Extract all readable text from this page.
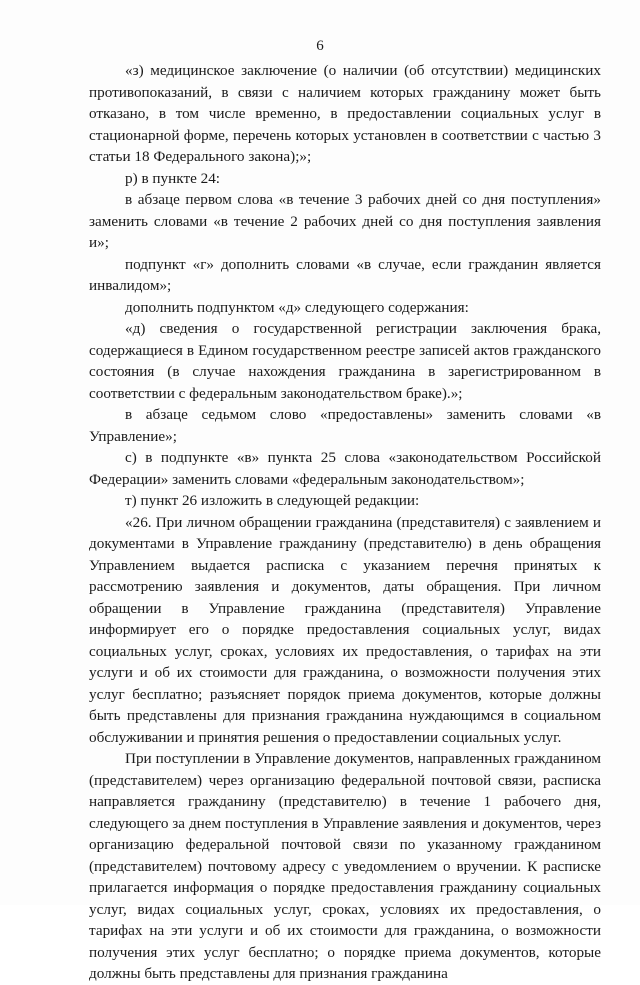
6

«з) медицинское заключение (о наличии (об отсутствии) медицинских противопоказаний, в связи с наличием которых гражданину может быть отказано, в том числе временно, в предоставлении социальных услуг в стационарной форме, перечень которых установлен в соответствии с частью 3 статьи 18 Федерального закона);»;

р) в пункте 24:

в абзаце первом слова «в течение 3 рабочих дней со дня поступления» заменить словами «в течение 2 рабочих дней со дня поступления заявления и»;

подпункт «г» дополнить словами «в случае, если гражданин является инвалидом»;

дополнить подпунктом «д» следующего содержания:

«д) сведения о государственной регистрации заключения брака, содержащиеся в Едином государственном реестре записей актов гражданского состояния (в случае нахождения гражданина в зарегистрированном в соответствии с федеральным законодательством браке).»;

в абзаце седьмом слово «предоставлены» заменить словами «в Управление»;

с) в подпункте «в» пункта 25 слова «законодательством Российской Федерации» заменить словами «федеральным законодательством»;

т) пункт 26 изложить в следующей редакции:

«26. При личном обращении гражданина (представителя) с заявлением и документами в Управление гражданину (представителю) в день обращения Управлением выдается расписка с указанием перечня принятых к рассмотрению заявления и документов, даты обращения. При личном обращении в Управление гражданина (представителя) Управление информирует его о порядке предоставления социальных услуг, видах социальных услуг, сроках, условиях их предоставления, о тарифах на эти услуги и об их стоимости для гражданина, о возможности получения этих услуг бесплатно; разъясняет порядок приема документов, которые должны быть представлены для признания гражданина нуждающимся в социальном обслуживании и принятия решения о предоставлении социальных услуг.

При поступлении в Управление документов, направленных гражданином (представителем) через организацию федеральной почтовой связи, расписка направляется гражданину (представителю) в течение 1 рабочего дня, следующего за днем поступления в Управление заявления и документов, через организацию федеральной почтовой связи по указанному гражданином (представителем) почтовому адресу с уведомлением о вручении. К расписке прилагается информация о порядке предоставления гражданину социальных услуг, видах социальных услуг, сроках, условиях их предоставления, о тарифах на эти услуги и об их стоимости для гражданина, о возможности получения этих услуг бесплатно; о порядке приема документов, которые должны быть представлены для признания гражданина
